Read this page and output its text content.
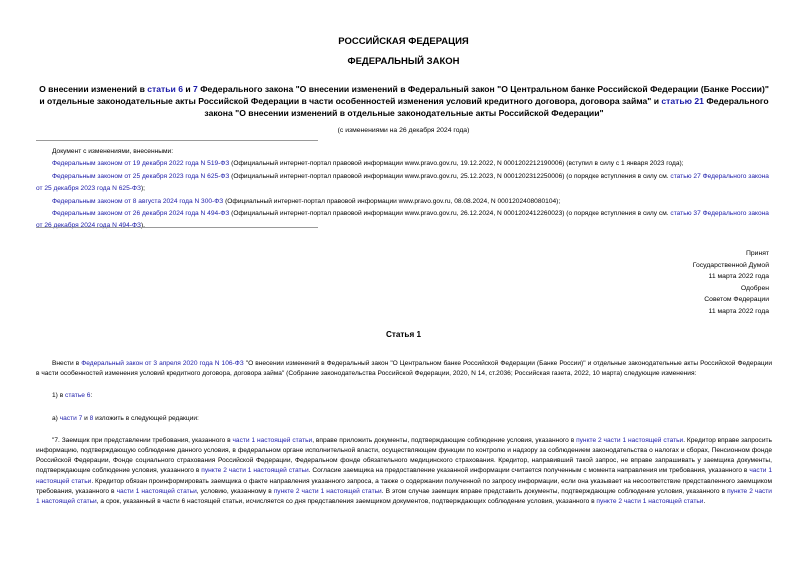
РОССИЙСКАЯ ФЕДЕРАЦИЯ
ФЕДЕРАЛЬНЫЙ ЗАКОН
О внесении изменений в статьи 6 и 7 Федерального закона "О внесении изменений в Федеральный закон "О Центральном банке Российской Федерации (Банке России)" и отдельные законодательные акты Российской Федерации в части особенностей изменения условий кредитного договора, договора займа" и статью 21 Федерального закона "О внесении изменений в отдельные законодательные акты Российской Федерации"
(с изменениями на 26 декабря 2024 года)

Документ с изменениями, внесенными:

Федеральным законом от 19 декабря 2022 года N 519-ФЗ (Официальный интернет-портал правовой информации www.pravo.gov.ru, 19.12.2022, N 0001202212190006) (вступил в силу с 1 января 2023 года);

Федеральным законом от 25 декабря 2023 года N 625-ФЗ (Официальный интернет-портал правовой информации www.pravo.gov.ru, 25.12.2023, N 0001202312250006) (о порядке вступления в силу см. статью 27 Федерального закона от 25 декабря 2023 года N 625-ФЗ);

Федеральным законом от 8 августа 2024 года N 300-ФЗ (Официальный интернет-портал правовой информации www.pravo.gov.ru, 08.08.2024, N 0001202408080104);

Федеральным законом от 26 декабря 2024 года N 494-ФЗ (Официальный интернет-портал правовой информации www.pravo.gov.ru, 26.12.2024, N 0001202412260023) (о порядке вступления в силу см. статью 37 Федерального закона от 26 декабря 2024 года N 494-ФЗ).

Принят
Государственной Думой
11 марта 2022 года
Одобрен
Советом Федерации
11 марта 2022 года
Статья 1

Внести в Федеральный закон от 3 апреля 2020 года N 106-ФЗ "О внесении изменений в Федеральный закон "О Центральном банке Российской Федерации (Банке России)" и отдельные законодательные акты Российской Федерации в части особенностей изменения условий кредитного договора, договора займа" (Собрание законодательства Российской Федерации, 2020, N 14, ст.2036; Российская газета, 2022, 10 марта) следующие изменения:

1) в статье 6:

а) части 7 и 8 изложить в следующей редакции:

"7. Заемщик при представлении требования, указанного в части 1 настоящей статьи, вправе приложить документы, подтверждающие соблюдение условия, указанного в пункте 2 части 1 настоящей статьи. Кредитор вправе запросить информацию, подтверждающую соблюдение данного условия, в федеральном органе исполнительной власти, осуществляющем функции по контролю и надзору за соблюдением законодательства о налогах и сборах, Пенсионном фонде Российской Федерации, Фонде социального страхования Российской Федерации, Федеральном фонде обязательного медицинского страхования. Кредитор, направивший такой запрос, не вправе запрашивать у заемщика документы, подтверждающие соблюдение условия, указанного в пункте 2 части 1 настоящей статьи. Согласие заемщика на предоставление указанной информации считается полученным с момента направления им требования, указанного в части 1 настоящей статьи. Кредитор обязан проинформировать заемщика о факте направления указанного запроса, а также о содержании полученной по запросу информации, если она указывает на несоответствие представленного заемщиком требования, указанного в части 1 настоящей статьи, условию, указанному в пункте 2 части 1 настоящей статьи. В этом случае заемщик вправе представить документы, подтверждающие соблюдение условия, указанного в пункте 2 части 1 настоящей статьи, а срок, указанный в части 6 настоящей статьи, исчисляется со дня представления заемщиком документов, подтверждающих соблюдение условия, указанного в пункте 2 части 1 настоящей статьи.
